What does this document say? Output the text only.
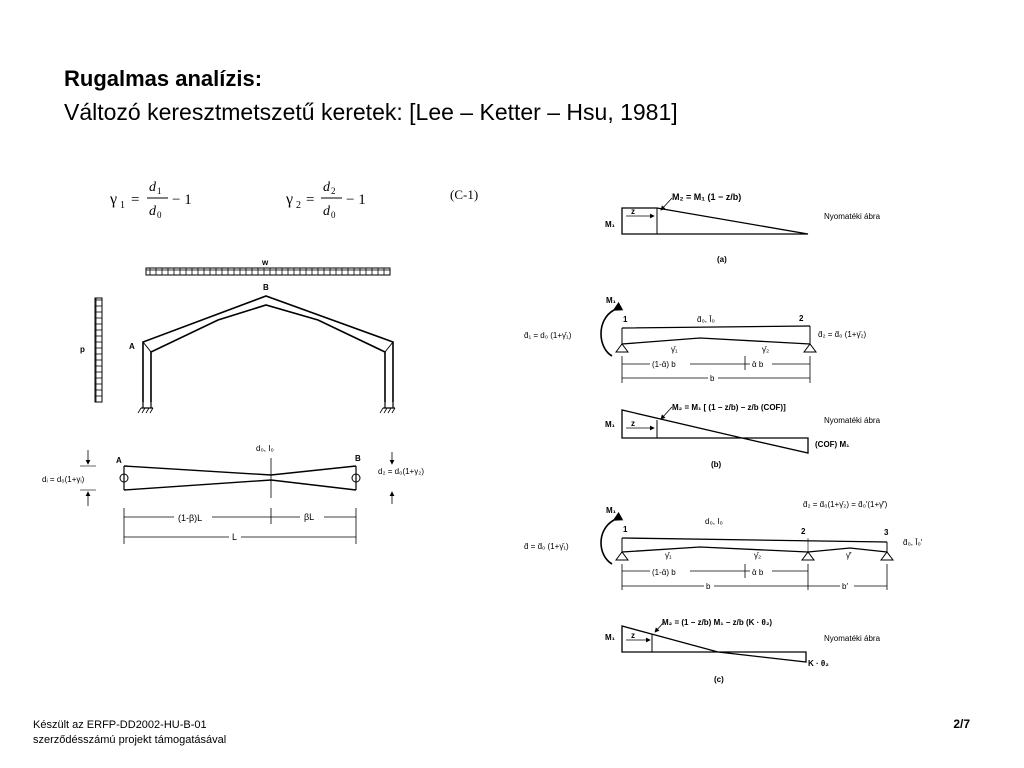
Rugalmas analízis:
Változó keresztmetszetű keretek: [Lee – Ketter – Hsu, 1981]
γ 1 =
d 1
d 0
− 1	γ 2 =
d 2
d 0
− 1	(C-1)
w
p	A
B
A	B
d₀, I₀
dᵢ = d₀(1+γᵢ)
d₂ = d₀(1+γ₂)
(1-β)L	βL
L
z
M₁
M₂ = M₁ (1 − z/b)
Nyomatéki ábra
(a)
M₁
d̄₁ = d₀ (1+γ̄₁)
1	2
d̄₀, Ī₀
d̄₂ = d̄₀ (1+γ̄₂)
γ̄₁	γ̄₂
(1-ᾱ) b	ᾱ b
b
z
M₁
M₂ = M₁ [ (1 − z/b) − z/b (COF)]
Nyomatéki ábra
(COF) M₁
(b)
M₁
d̄ = d̄₀ (1+γ̄₁)
1	2	3
d₀, I₀
d̄₂ = d̄₀(1+γ̄₂) = d̄₀′(1+γ̄′)
d̄₀, Ī₀′
γ̄₂
γ̄₁	γ̄′
(1-ᾱ) b	ᾱ b
b	b′
z
M₁
M₂ = (1 − z/b) M₁ − z/b (K · θ₂)
Nyomatéki ábra
K · θ₂
(c)
Készült az ERFP-DD2002-HU-B-01
szerződésszámú projekt támogatásával
2/7
